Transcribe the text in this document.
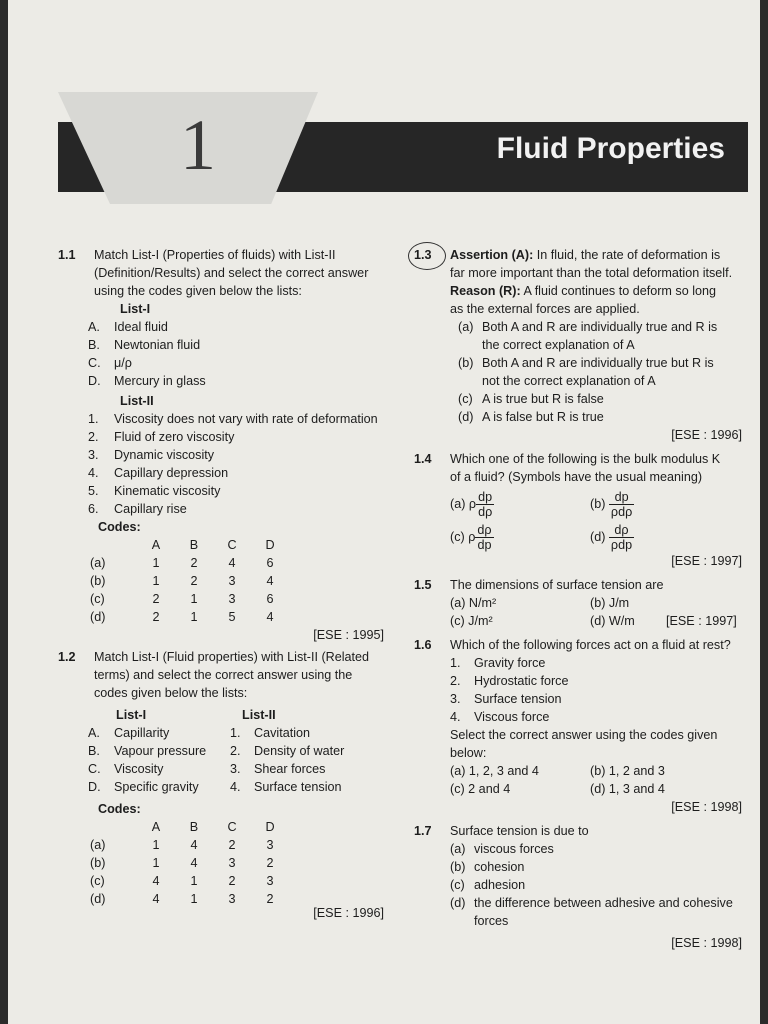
1	Fluid Properties
1.1 Match List-I (Properties of fluids) with List-II
(Definition/Results) and select the correct answer
using the codes given below the lists:
List-I
A.	Ideal fluid
B.	Newtonian fluid
C.	μ/ρ
D.	Mercury in glass
List-II
1.	Viscosity does not vary with rate of deformation
2.	Fluid of zero viscosity
3.	Dynamic viscosity
4.	Capillary depression
5.	Kinematic viscosity
6.	Capillary rise
Codes:
	A	B	C	D
(a)	1	2	4	6
(b)	1	2	3	4
(c)	2	1	3	6
(d)	2	1	5	4
[ESE : 1995]
1.2 Match List-I (Fluid properties) with List-II (Related
terms) and select the correct answer using the
codes given below the lists:
List-I	List-II
A.	Capillarity	1.	Cavitation
B.	Vapour pressure	2.	Density of water
C.	Viscosity	3.	Shear forces
D.	Specific gravity	4.	Surface tension
Codes:
	A	B	C	D
(a)	1	4	2	3
(b)	1	4	3	2
(c)	4	1	2	3
(d)	4	1	3	2
[ESE : 1996]
1.3 Assertion (A): In fluid, the rate of deformation is
far more important than the total deformation itself.
Reason (R): A fluid continues to deform so long
as the external forces are applied.
(a) Both A and R are individually true and R is
the correct explanation of A
(b) Both A and R are individually true but R is
not the correct explanation of A
(c) A is true but R is false
(d) A is false but R is true
[ESE : 1996]
1.4 Which one of the following is the bulk modulus K
of a fluid? (Symbols have the usual meaning)
(a) ρ $\frac{dp}{d\rho}$	$(b) \frac{dp}{\text{ρdρ}}$
(c) ρ $\frac{d\rho}{dp}$	$(d) \frac{d\rho}{\text{ρdp}}$
[ESE : 1997]
1.5 The dimensions of surface tension are
(a) N/m²	(b) J/m
(c) J/m²	(d) W/m	[ESE : 1997]
1.6 Which of the following forces act on a fluid at rest?
1.	Gravity force
2.	Hydrostatic force
3.	Surface tension
4.	Viscous force
Select the correct answer using the codes given
below:
(a) 1, 2, 3 and 4	(b) 1, 2 and 3
(c) 2 and 4	(d) 1, 3 and 4
[ESE : 1998]
1.7 Surface tension is due to
(a) viscous forces
(b) cohesion
(c) adhesion
(d) the difference between adhesive and cohesive
forces
[ESE : 1998]
